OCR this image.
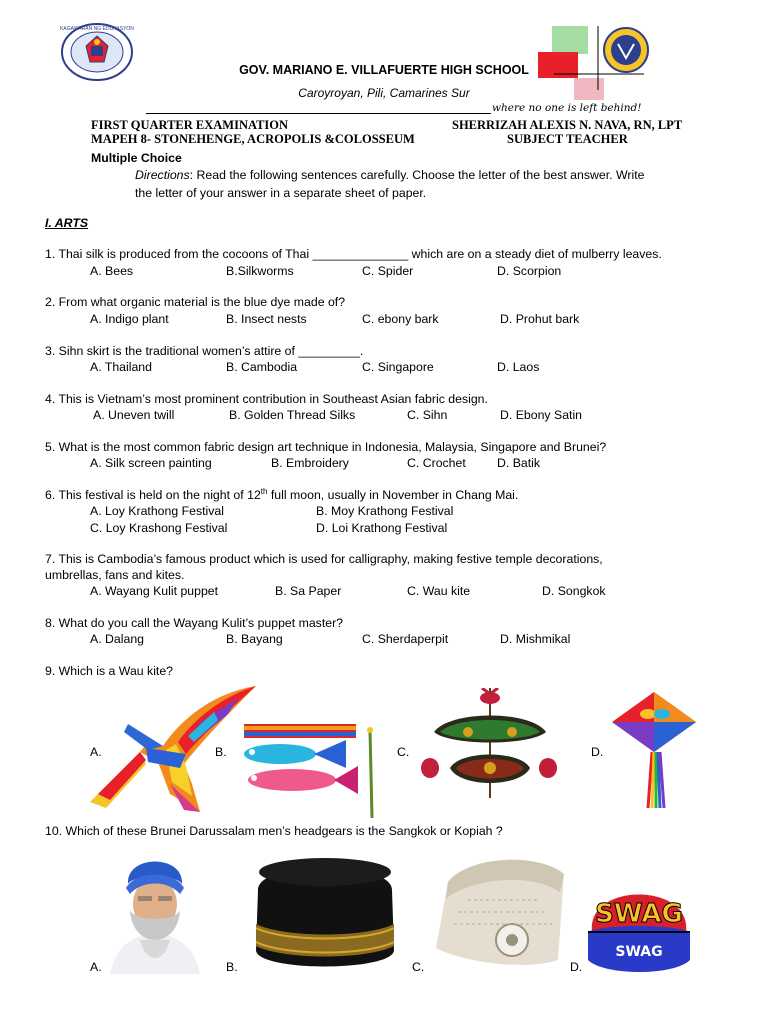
KAGAWARAN NG EDUKASYON
GOV. MARIANO E. VILLAFUERTE HIGH SCHOOL
Caroyroyan, Pili, Camarines Sur
where no one is left behind!
FIRST QUARTER EXAMINATION	SHERRIZAH ALEXIS N. NAVA, RN, LPT
MAPEH 8- STONEHENGE, ACROPOLIS &COLOSSEUM	SUBJECT TEACHER
Multiple Choice
Directions: Read the following sentences carefully. Choose the letter of the best answer. Write
the letter of your answer in a separate sheet of paper.
I. ARTS
1. Thai silk is produced from the cocoons of Thai ______________ which are on a steady diet of mulberry leaves.
A. Bees	B.Silkworms	C. Spider	D. Scorpion
2. From what organic material is the blue dye made of?
A. Indigo plant	B. Insect nests	C. ebony bark	D. Prohut bark
3. Sihn skirt is the traditional women’s attire of _________.
A. Thailand	B. Cambodia	C. Singapore	D. Laos
4. This is Vietnam’s most prominent contribution in Southeast Asian fabric design.
A. Uneven twill	B. Golden Thread Silks	C. Sihn	D. Ebony Satin
5. What is the most common fabric design art technique in Indonesia, Malaysia, Singapore and Brunei?
A. Silk screen painting	B. Embroidery	C. Crochet	D. Batik
6. This festival is held on the night of 12th full moon, usually in November in Chang Mai.
A. Loy Krathong Festival	B. Moy Krathong Festival
C. Loy Krashong Festival	D. Loi Krathong Festival
7. This is Cambodia’s famous product which is used for calligraphy, making festive temple decorations,
umbrellas, fans and kites.
A. Wayang Kulit puppet	B. Sa Paper	C. Wau kite	D. Songkok
8. What do you call the Wayang Kulit’s puppet master?
A. Dalang	B. Bayang	C. Sherdaperpit	D. Mishmikal
9. Which is a Wau kite?
A.	B.	C.	D.
10. Which of these Brunei Darussalam men’s headgears is the Sangkok or Kopiah ?
A.	B.	C.	D.
SWAG
SWAG
